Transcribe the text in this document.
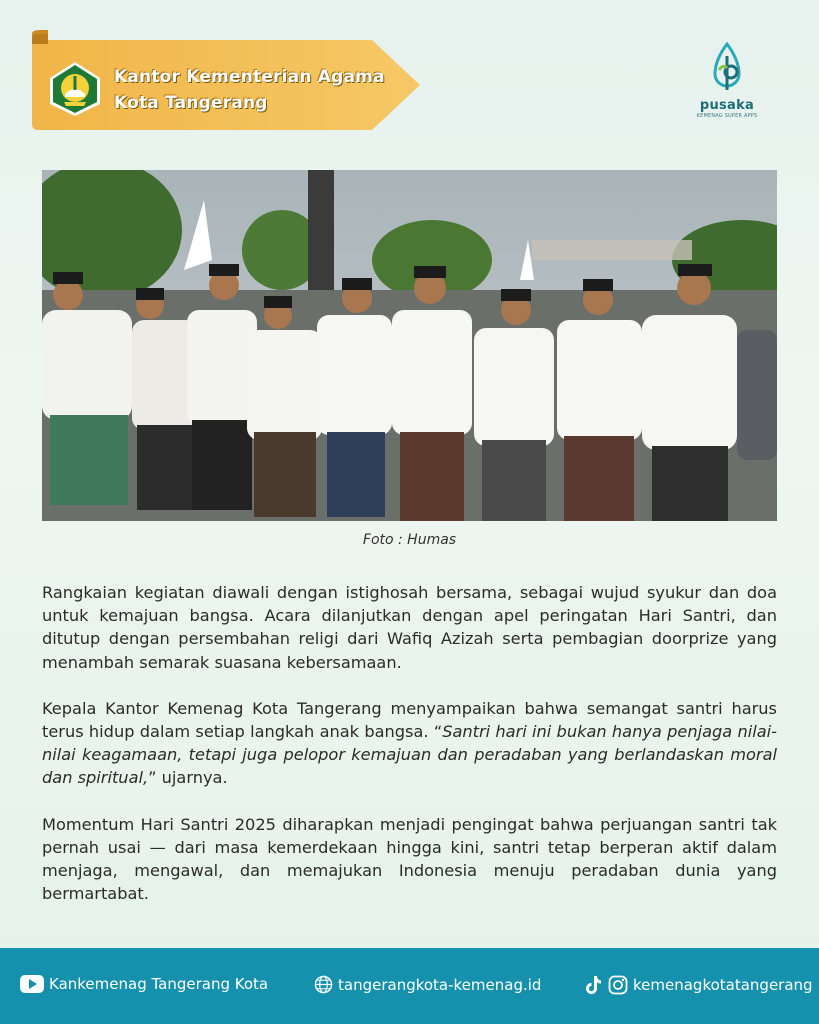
Kantor Kementerian Agama
Kota Tangerang	pusaka
KEMENAG SUPER APPS
Foto : Humas

Rangkaian kegiatan diawali dengan istighosah bersama, sebagai wujud syukur dan doa untuk kemajuan bangsa. Acara dilanjutkan dengan apel peringatan Hari Santri, dan ditutup dengan persembahan religi dari Wafiq Azizah serta pembagian doorprize yang menambah semarak suasana kebersamaan.

Kepala Kantor Kemenag Kota Tangerang menyampaikan bahwa semangat santri harus terus hidup dalam setiap langkah anak bangsa. “Santri hari ini bukan hanya penjaga nilai-nilai keagamaan, tetapi juga pelopor kemajuan dan peradaban yang berlandaskan moral dan spiritual,” ujarnya.

Momentum Hari Santri 2025 diharapkan menjadi pengingat bahwa perjuangan santri tak pernah usai — dari masa kemerdekaan hingga kini, santri tetap berperan aktif dalam menjaga, mengawal, dan memajukan Indonesia menuju peradaban dunia yang bermartabat.

Kankemenag Tangerang Kota	tangerangkota-kemenag.id	kemenagkotatangerang
